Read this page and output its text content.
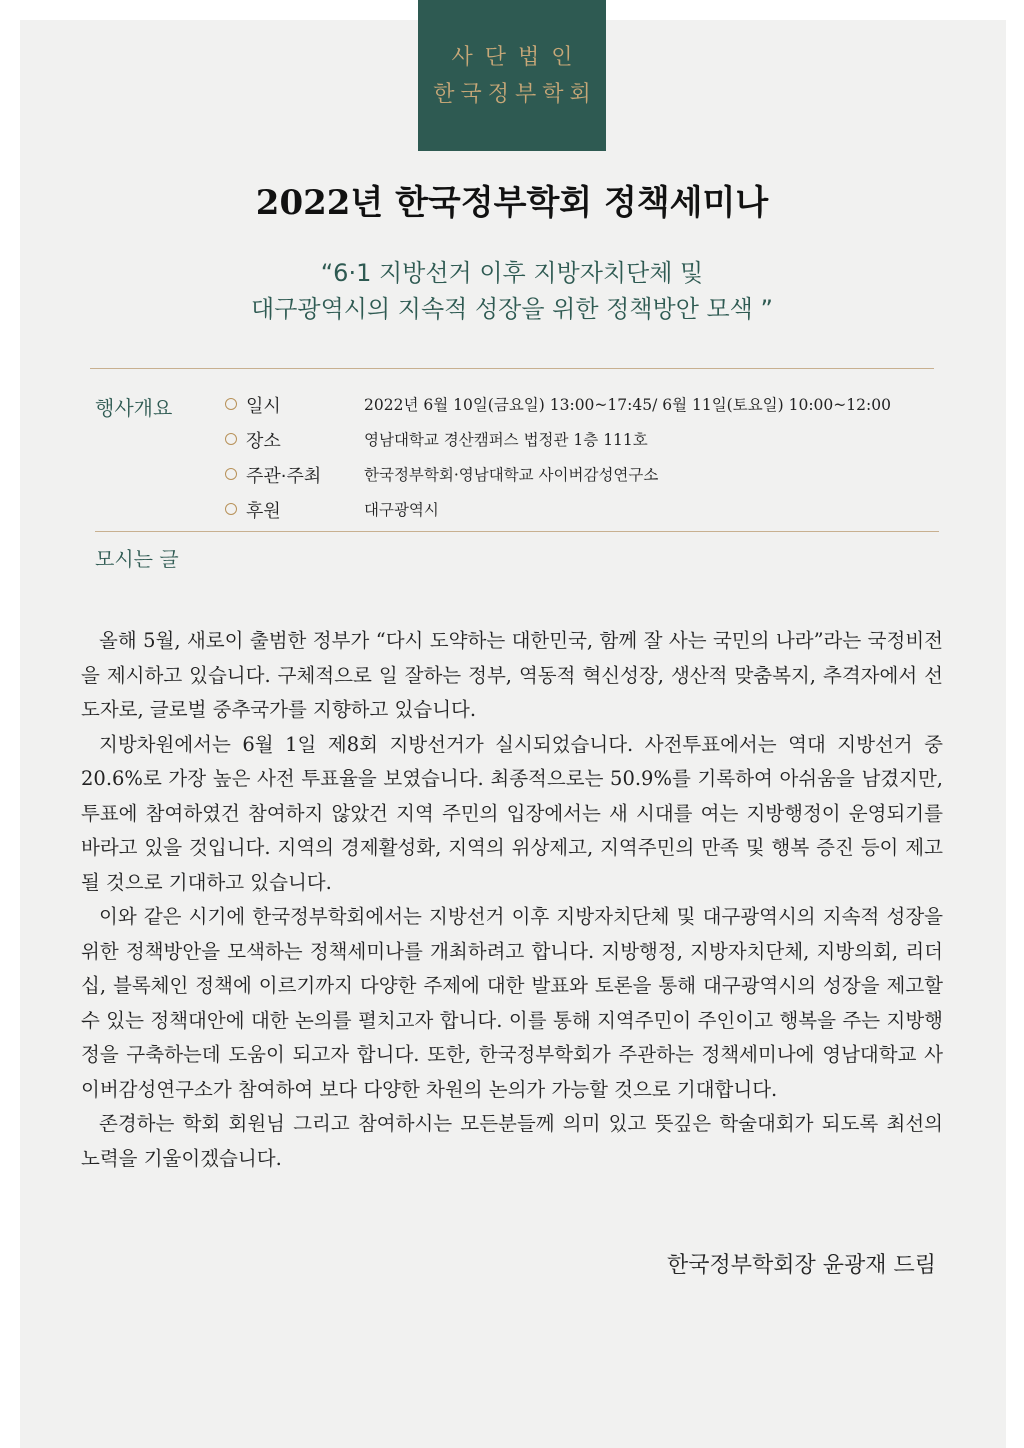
사단법인
한국정부학회
2022년 한국정부학회 정책세미나
“6·1 지방선거 이후 지방자치단체 및
대구광역시의 지속적 성장을 위한 정책방안 모색 ”
행사개요	일시	2022년 6월 10일(금요일) 13:00~17:45/ 6월 11일(토요일) 10:00~12:00
장소	영남대학교 경산캠퍼스 법정관 1층 111호
주관·주최	한국정부학회·영남대학교 사이버감성연구소
후원	대구광역시
모시는 글

올해 5월, 새로이 출범한 정부가 “다시 도약하는 대한민국, 함께 잘 사는 국민의 나라”라는 국정비전을 제시하고 있습니다. 구체적으로 일 잘하는 정부, 역동적 혁신성장, 생산적 맞춤복지, 추격자에서 선도자로, 글로벌 중추국가를 지향하고 있습니다.

지방차원에서는 6월 1일 제8회 지방선거가 실시되었습니다. 사전투표에서는 역대 지방선거 중 20.6%로 가장 높은 사전 투표율을 보였습니다. 최종적으로는 50.9%를 기록하여 아쉬움을 남겼지만, 투표에 참여하였건 참여하지 않았건 지역 주민의 입장에서는 새 시대를 여는 지방행정이 운영되기를 바라고 있을 것입니다. 지역의 경제활성화, 지역의 위상제고, 지역주민의 만족 및 행복 증진 등이 제고될 것으로 기대하고 있습니다.

이와 같은 시기에 한국정부학회에서는 지방선거 이후 지방자치단체 및 대구광역시의 지속적 성장을 위한 정책방안을 모색하는 정책세미나를 개최하려고 합니다. 지방행정, 지방자치단체, 지방의회, 리더십, 블록체인 정책에 이르기까지 다양한 주제에 대한 발표와 토론을 통해 대구광역시의 성장을 제고할 수 있는 정책대안에 대한 논의를 펼치고자 합니다. 이를 통해 지역주민이 주인이고 행복을 주는 지방행정을 구축하는데 도움이 되고자 합니다. 또한, 한국정부학회가 주관하는 정책세미나에 영남대학교 사이버감성연구소가 참여하여 보다 다양한 차원의 논의가 가능할 것으로 기대합니다.

존경하는 학회 회원님 그리고 참여하시는 모든분들께 의미 있고 뜻깊은 학술대회가 되도록 최선의 노력을 기울이겠습니다.

한국정부학회장 윤광재 드림
